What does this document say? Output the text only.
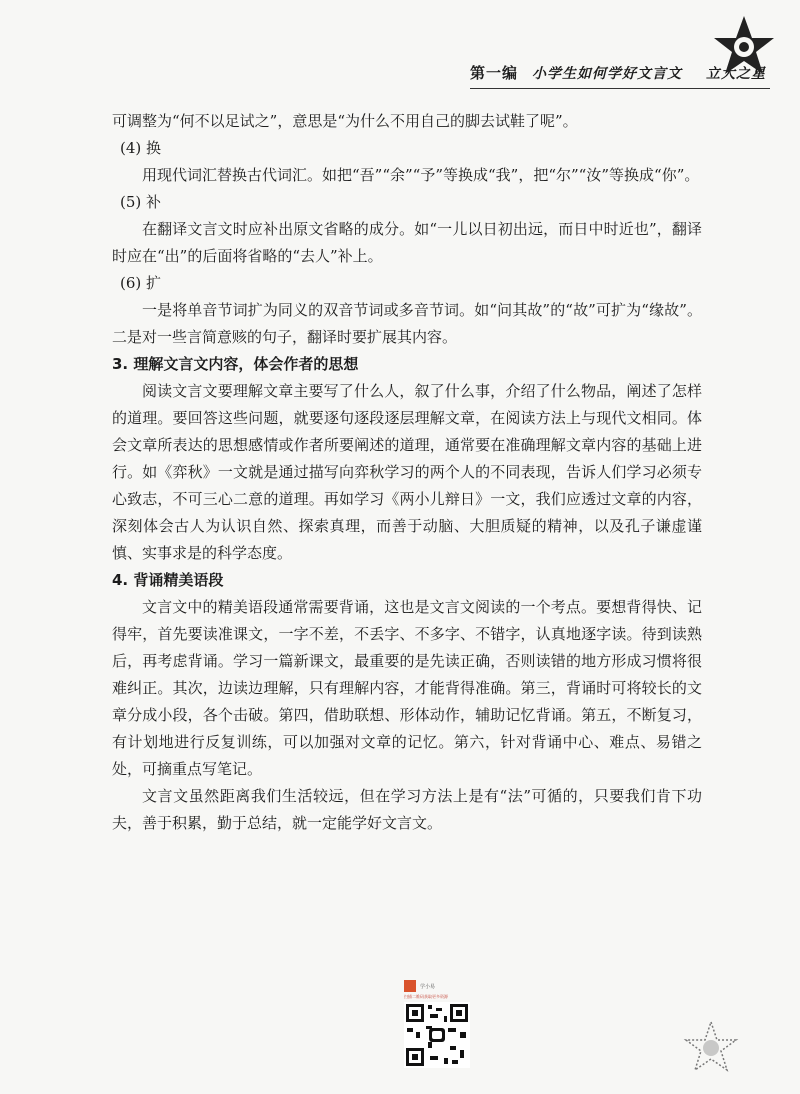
第一编 小学生如何学好文言文 立大之星

可调整为“何不以足试之”，意思是“为什么不用自己的脚去试鞋了呢”。

(4) 换

用现代词汇替换古代词汇。如把“吾”“余”“予”等换成“我”，把“尔”“汝”等换成“你”。

(5) 补

在翻译文言文时应补出原文省略的成分。如“一儿以日初出远，而日中时近也”，翻译时应在“出”的后面将省略的“去人”补上。

(6) 扩

一是将单音节词扩为同义的双音节词或多音节词。如“问其故”的“故”可扩为“缘故”。二是对一些言简意赅的句子，翻译时要扩展其内容。

3. 理解文言文内容，体会作者的思想

阅读文言文要理解文章主要写了什么人，叙了什么事，介绍了什么物品，阐述了怎样的道理。要回答这些问题，就要逐句逐段逐层理解文章，在阅读方法上与现代文相同。体会文章所表达的思想感情或作者所要阐述的道理，通常要在准确理解文章内容的基础上进行。如《弈秋》一文就是通过描写向弈秋学习的两个人的不同表现，告诉人们学习必须专心致志，不可三心二意的道理。再如学习《两小儿辩日》一文，我们应透过文章的内容，深刻体会古人为认识自然、探索真理，而善于动脑、大胆质疑的精神，以及孔子谦虚谨慎、实事求是的科学态度。

4. 背诵精美语段

文言文中的精美语段通常需要背诵，这也是文言文阅读的一个考点。要想背得快、记得牢，首先要读准课文，一字不差，不丢字、不多字、不错字，认真地逐字读。待到读熟后，再考虑背诵。学习一篇新课文，最重要的是先读正确，否则读错的地方形成习惯将很难纠正。其次，边读边理解，只有理解内容，才能背得准确。第三，背诵时可将较长的文章分成小段，各个击破。第四，借助联想、形体动作，辅助记忆背诵。第五，不断复习，有计划地进行反复训练，可以加强对文章的记忆。第六，针对背诵中心、难点、易错之处，可摘重点写笔记。

文言文虽然距离我们生活较远，但在学习方法上是有“法”可循的，只要我们肯下功夫，善于积累，勤于总结，就一定能学好文言文。

学小易
扫描二维码获取更多资源
